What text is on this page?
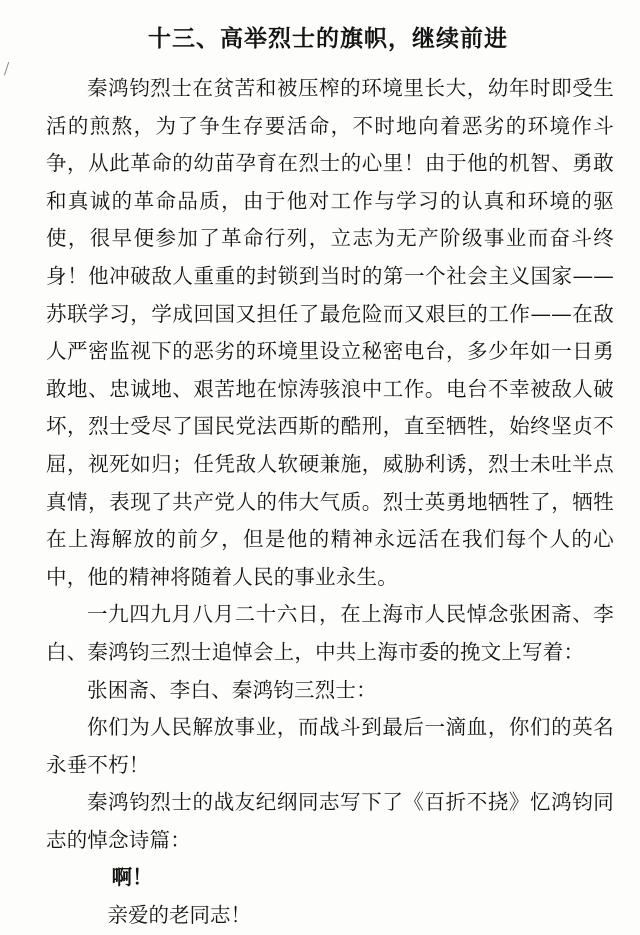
十三、高举烈士的旗帜，继续前进

秦鸿钧烈士在贫苦和被压榨的环境里长大，幼年时即受生活的煎熬，为了争生存要活命，不时地向着恶劣的环境作斗争，从此革命的幼苗孕育在烈士的心里！由于他的机智、勇敢和真诚的革命品质，由于他对工作与学习的认真和环境的驱使，很早便参加了革命行列，立志为无产阶级事业而奋斗终身！他冲破敌人重重的封锁到当时的第一个社会主义国家——苏联学习，学成回国又担任了最危险而又艰巨的工作——在敌人严密监视下的恶劣的环境里设立秘密电台，多少年如一日勇敢地、忠诚地、艰苦地在惊涛骇浪中工作。电台不幸被敌人破坏，烈士受尽了国民党法西斯的酷刑，直至牺牲，始终坚贞不屈，视死如归；任凭敌人软硬兼施，威胁利诱，烈士未吐半点真情，表现了共产党人的伟大气质。烈士英勇地牺牲了，牺牲在上海解放的前夕，但是他的精神永远活在我们每个人的心中，他的精神将随着人民的事业永生。

一九四九月八月二十六日，在上海市人民悼念张困斋、李白、秦鸿钧三烈士追悼会上，中共上海市委的挽文上写着：

张困斋、李白、秦鸿钧三烈士：

你们为人民解放事业，而战斗到最后一滴血，你们的英名永垂不朽！

秦鸿钧烈士的战友纪纲同志写下了《百折不挠》忆鸿钧同志的悼念诗篇：

啊！

亲爱的老同志！
